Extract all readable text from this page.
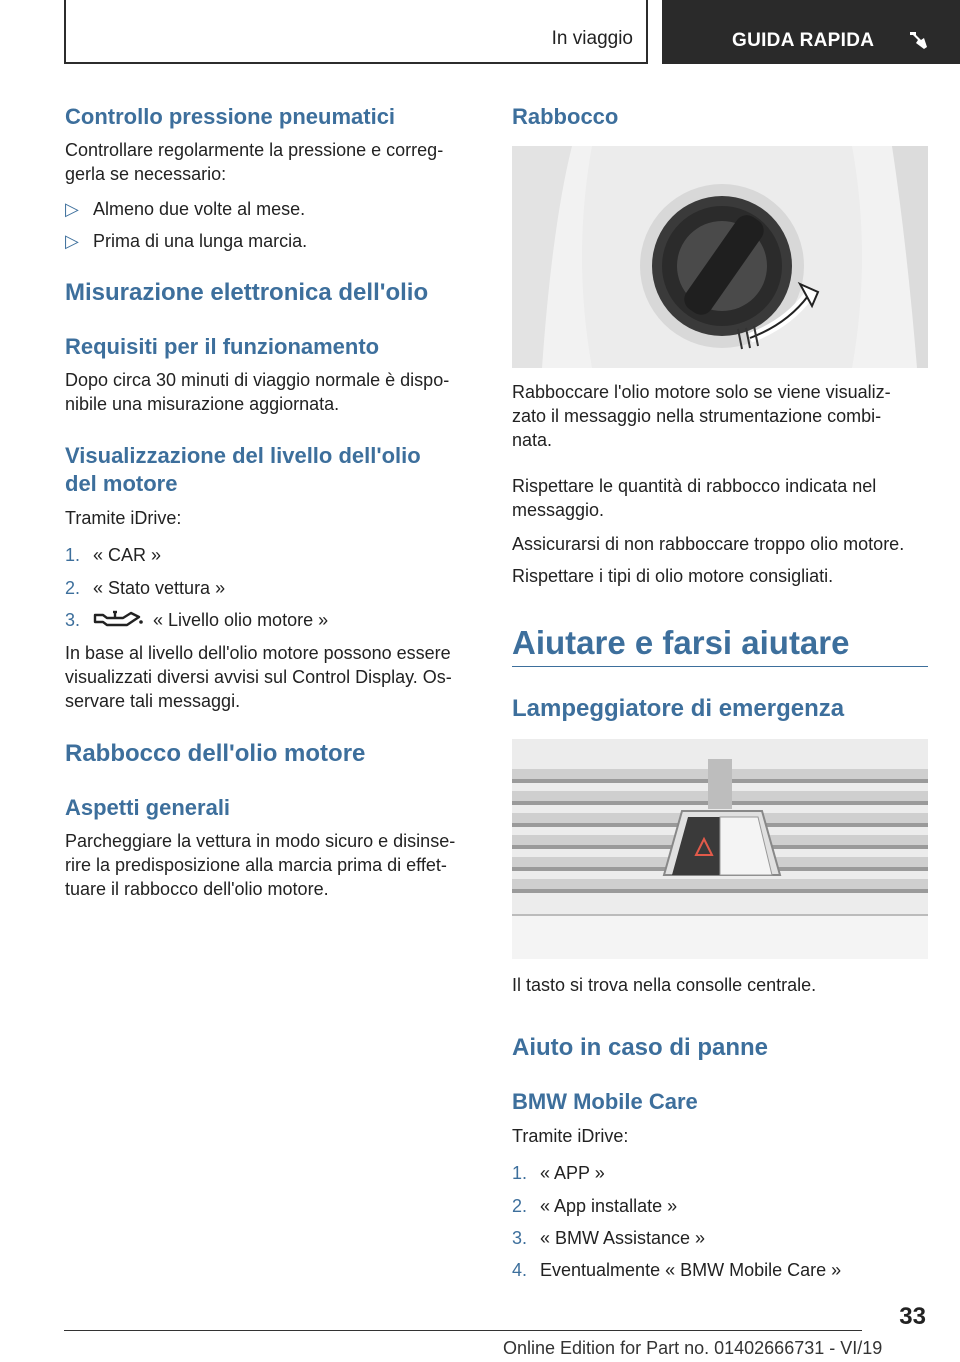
In viaggio	GUIDA RAPIDA
Controllo pressione pneumatici

Controllare regolarmente la pressione e correg-

gerla se necessario:

▷ Almeno due volte al mese.
▷ Prima di una lunga marcia.
Misurazione elettronica dell'olio
Requisiti per il funzionamento

Dopo circa 30 minuti di viaggio normale è dispo-

nibile una misurazione aggiornata.

Visualizzazione del livello dell'olio
del motore

Tramite iDrive:

1. « CAR »
2. « Stato vettura »
3.	« Livello olio motore »

In base al livello dell'olio motore possono essere

visualizzati diversi avvisi sul Control Display. Os-

servare tali messaggi.

Rabbocco dell'olio motore
Aspetti generali

Parcheggiare la vettura in modo sicuro e disinse-

rire la predisposizione alla marcia prima di effet-

tuare il rabbocco dell'olio motore.

Rabbocco

Rabboccare l'olio motore solo se viene visualiz-

zato il messaggio nella strumentazione combi-

nata.

Rispettare le quantità di rabbocco indicata nel

messaggio.

Assicurarsi di non rabboccare troppo olio motore.

Rispettare i tipi di olio motore consigliati.

Aiutare e farsi aiutare
Lampeggiatore di emergenza

Il tasto si trova nella consolle centrale.

Aiuto in caso di panne
BMW Mobile Care

Tramite iDrive:

1. « APP »
2. « App installate »
3. « BMW Assistance »
4. Eventualmente « BMW Mobile Care »
33
Online Edition for Part no. 01402666731 - VI/19
